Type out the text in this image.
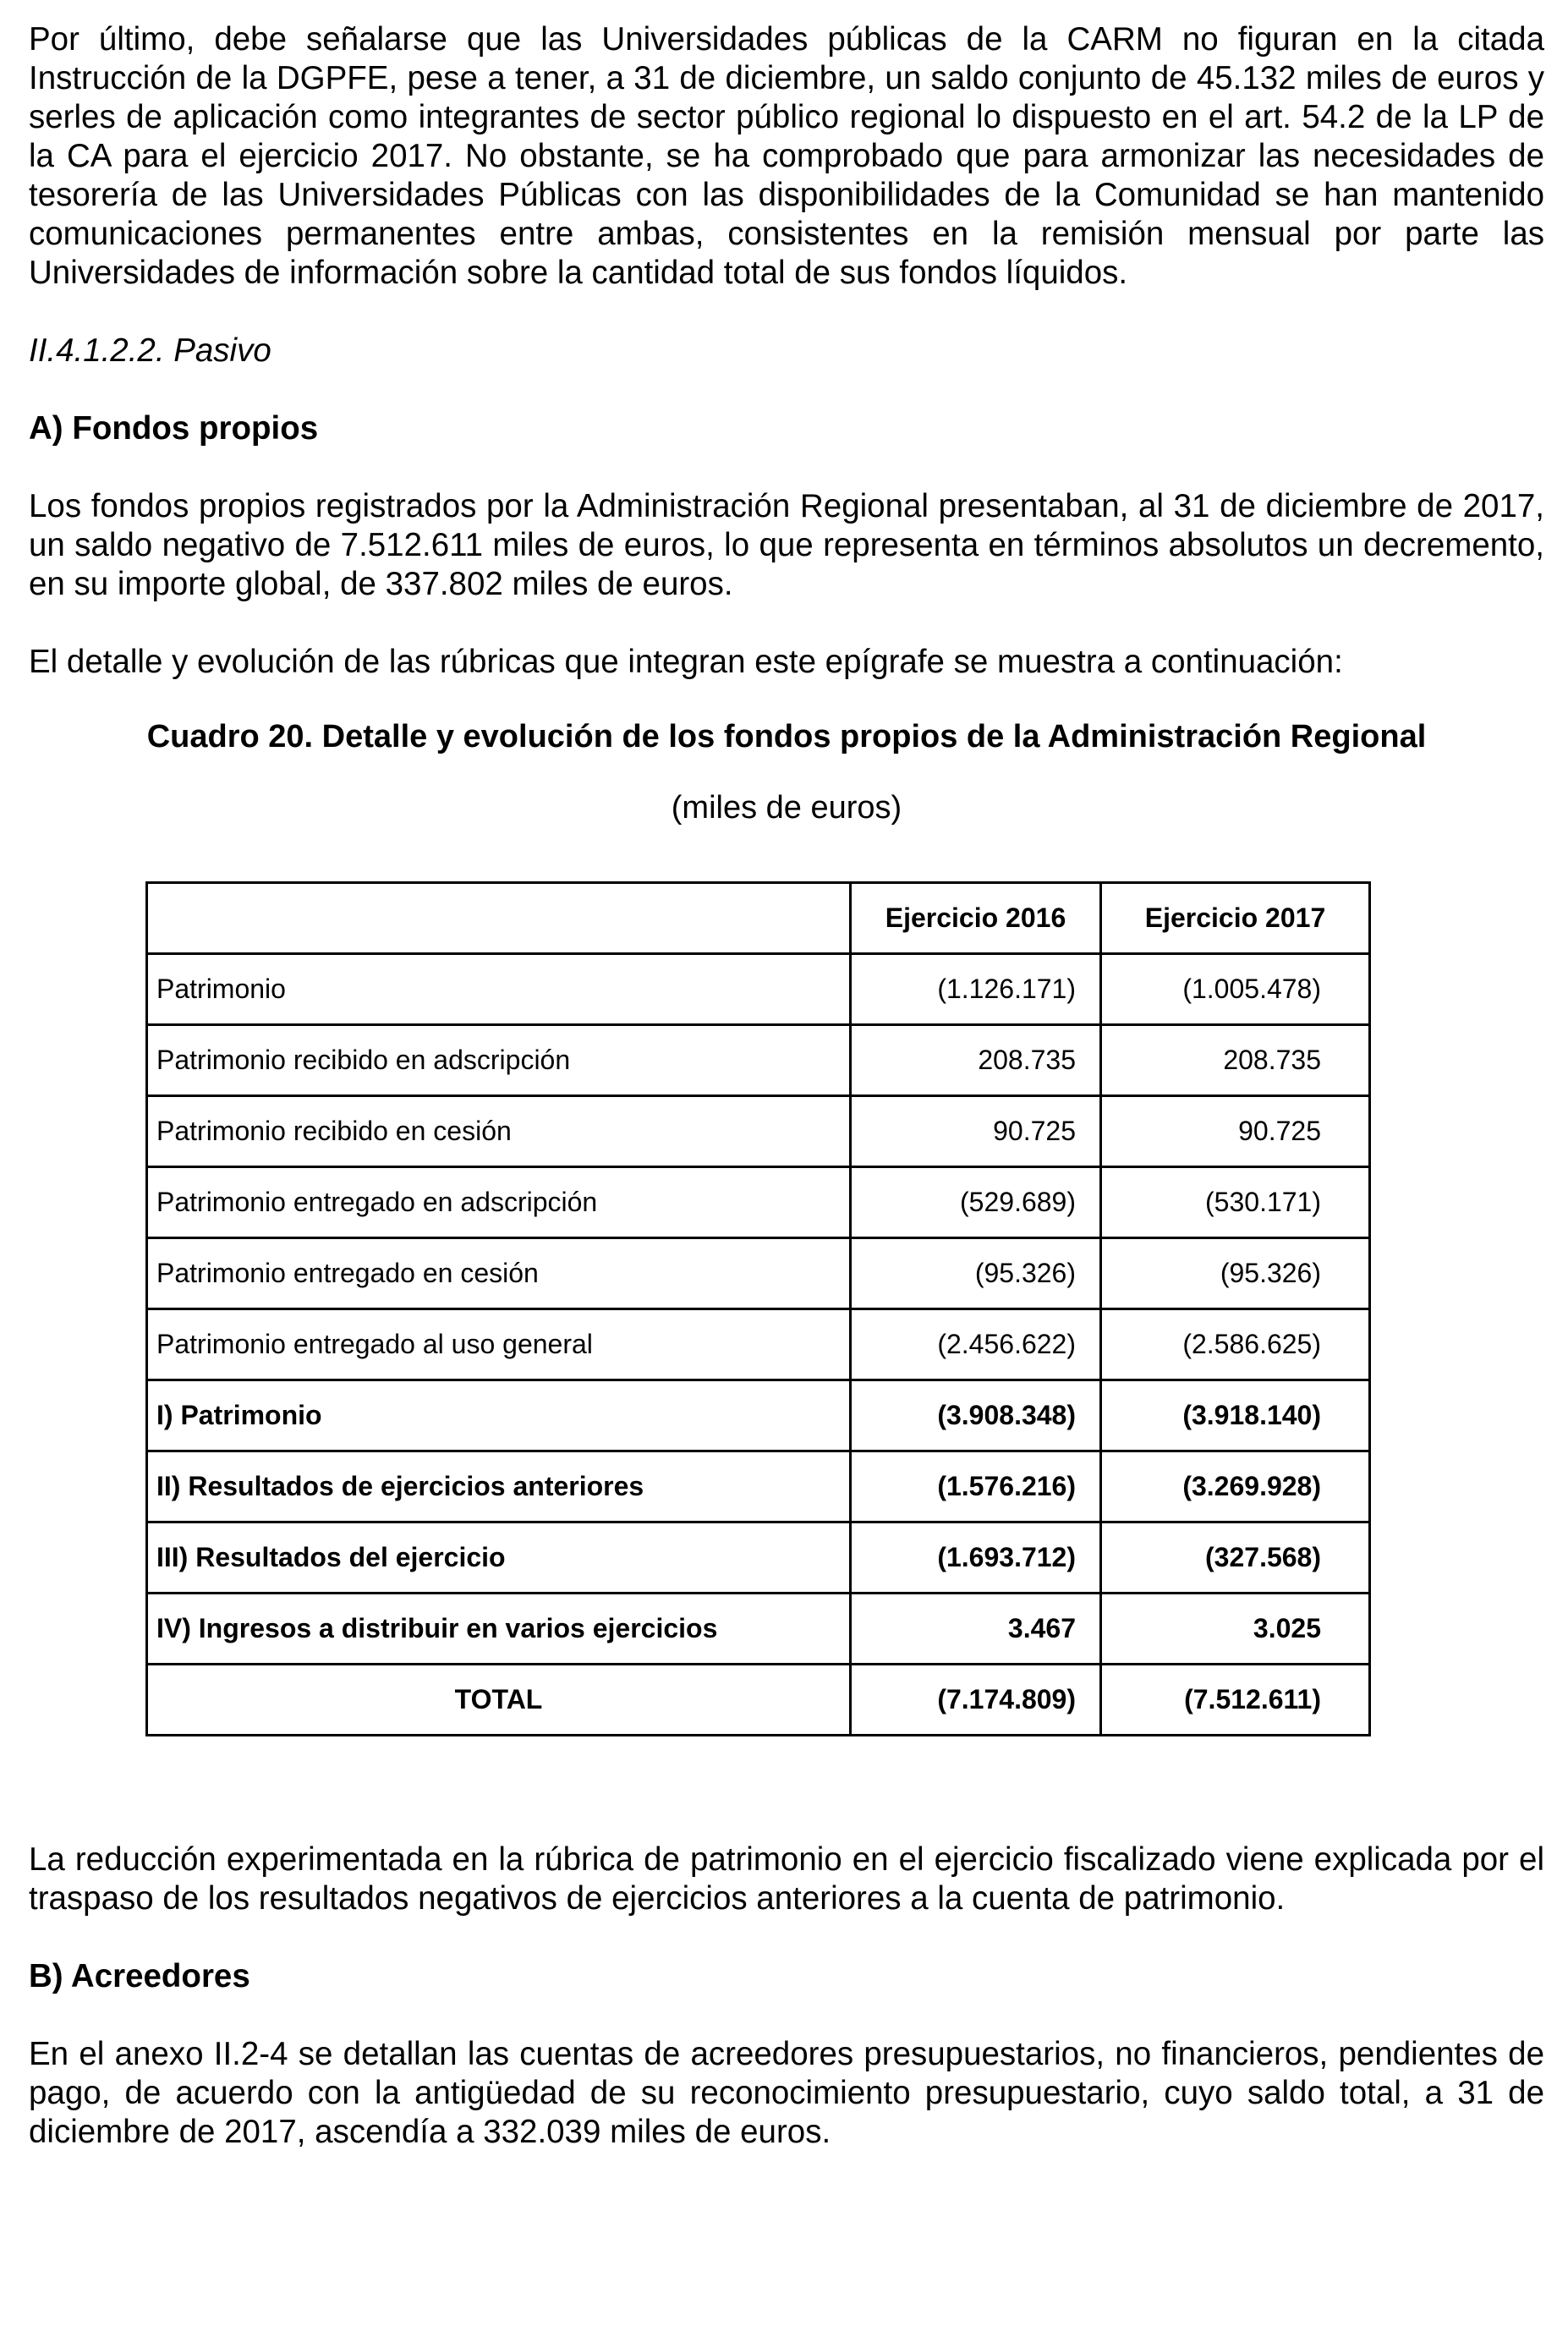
Por último, debe señalarse que las Universidades públicas de la CARM no figuran en la citada Instrucción de la DGPFE, pese a tener, a 31 de diciembre, un saldo conjunto de 45.132 miles de euros y serles de aplicación como integrantes de sector público regional lo dispuesto en el art. 54.2 de la LP de la CA para el ejercicio 2017. No obstante, se ha comprobado que para armonizar las necesidades de tesorería de las Universidades Públicas con las disponibilidades de la Comunidad se han mantenido comunicaciones permanentes entre ambas, consistentes en la remisión mensual por parte las Universidades de información sobre la cantidad total de sus fondos líquidos.

II.4.1.2.2. Pasivo

A) Fondos propios

Los fondos propios registrados por la Administración Regional presentaban, al 31 de diciembre de 2017, un saldo negativo de 7.512.611 miles de euros, lo que representa en términos absolutos un decremento, en su importe global, de 337.802 miles de euros.

El detalle y evolución de las rúbricas que integran este epígrafe se muestra a continuación:

Cuadro 20. Detalle y evolución de los fondos propios de la Administración Regional

(miles de euros)

	Ejercicio 2016	Ejercicio 2017
Patrimonio	(1.126.171)	(1.005.478)
Patrimonio recibido en adscripción	208.735	208.735
Patrimonio recibido en cesión	90.725	90.725
Patrimonio entregado en adscripción	(529.689)	(530.171)
Patrimonio entregado en cesión	(95.326)	(95.326)
Patrimonio entregado al uso general	(2.456.622)	(2.586.625)
I) Patrimonio	(3.908.348)	(3.918.140)
II) Resultados de ejercicios anteriores	(1.576.216)	(3.269.928)
III) Resultados del ejercicio	(1.693.712)	(327.568)
IV) Ingresos a distribuir en varios ejercicios	3.467	3.025
TOTAL	(7.174.809)	(7.512.611)

La reducción experimentada en la rúbrica de patrimonio en el ejercicio fiscalizado viene explicada por el traspaso de los resultados negativos de ejercicios anteriores a la cuenta de patrimonio.

B) Acreedores

En el anexo II.2-4 se detallan las cuentas de acreedores presupuestarios, no financieros, pendientes de pago, de acuerdo con la antigüedad de su reconocimiento presupuestario, cuyo saldo total, a 31 de diciembre de 2017, ascendía a 332.039 miles de euros.
